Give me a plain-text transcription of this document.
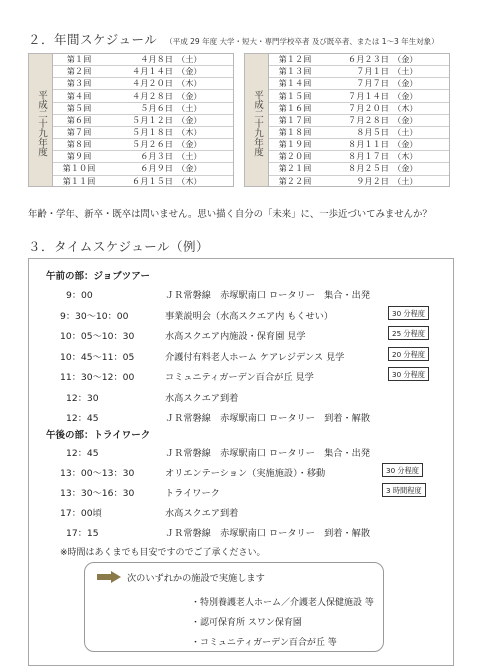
２．年間スケジュール （平成 29 年度 大学・短大・専門学校卒者 及び既卒者、または 1～3 年生対象）
平成二十九年度
第１回	４月８日 （土）
第２回	４月１４日 （金）
第３回	４月２０日 （木）
第４回	４月２８日 （金）
第５回	５月６日 （土）
第６回	５月１２日 （金）
第７回	５月１８日 （木）
第８回	５月２６日 （金）
第９回	６月３日 （土）
第１０回	６月９日 （金）
第１１回	６月１５日 （木）
平成二十九年度
第１２回	６月２３日 （金）
第１３回	７月１日 （土）
第１４回	７月７日 （金）
第１５回	７月１４日 （金）
第１６回	７月２０日 （木）
第１７回	７月２８日 （金）
第１８回	８月５日 （土）
第１９回	８月１１日 （金）
第２０回	８月１７日 （木）
第２１回	８月２５日 （金）
第２２回	９月２日 （土）
年齢・学年、新卒・既卒は問いません。思い描く自分の「未来」に、一歩近づいてみませんか？
３．タイムスケジュール（例）
午前の部：ジョブツアー
9：00	ＪＲ常磐線　赤塚駅南口 ロータリー　集合・出発
9：30～10：00	事業説明会（水高スクエア内 もくせい）	30 分程度
10：05～10：30	水高スクエア内施設・保育園 見学	25 分程度
10：45～11：05	介護付有料老人ホーム ケアレジデンス 見学	20 分程度
11：30～12：00	コミュニティガーデン百合が丘 見学	30 分程度
12：30	水高スクエア到着
12：45	ＪＲ常磐線　赤塚駅南口 ロータリー　到着・解散
午後の部：トライワーク
12：45	ＪＲ常磐線　赤塚駅南口 ロータリー　集合・出発
13：00～13：30	オリエンテーション（実施施設）・移動	30 分程度
13：30～16：30	トライワーク	3 時間程度
17：00頃	水高スクエア到着
17：15	ＪＲ常磐線　赤塚駅南口 ロータリー　到着・解散
※時間はあくまでも目安ですのでご了承ください。
次のいずれかの施設で実施します
・特別養護老人ホーム／介護老人保健施設 等
・認可保育所 スワン保育園
・コミュニティガーデン百合が丘 等
